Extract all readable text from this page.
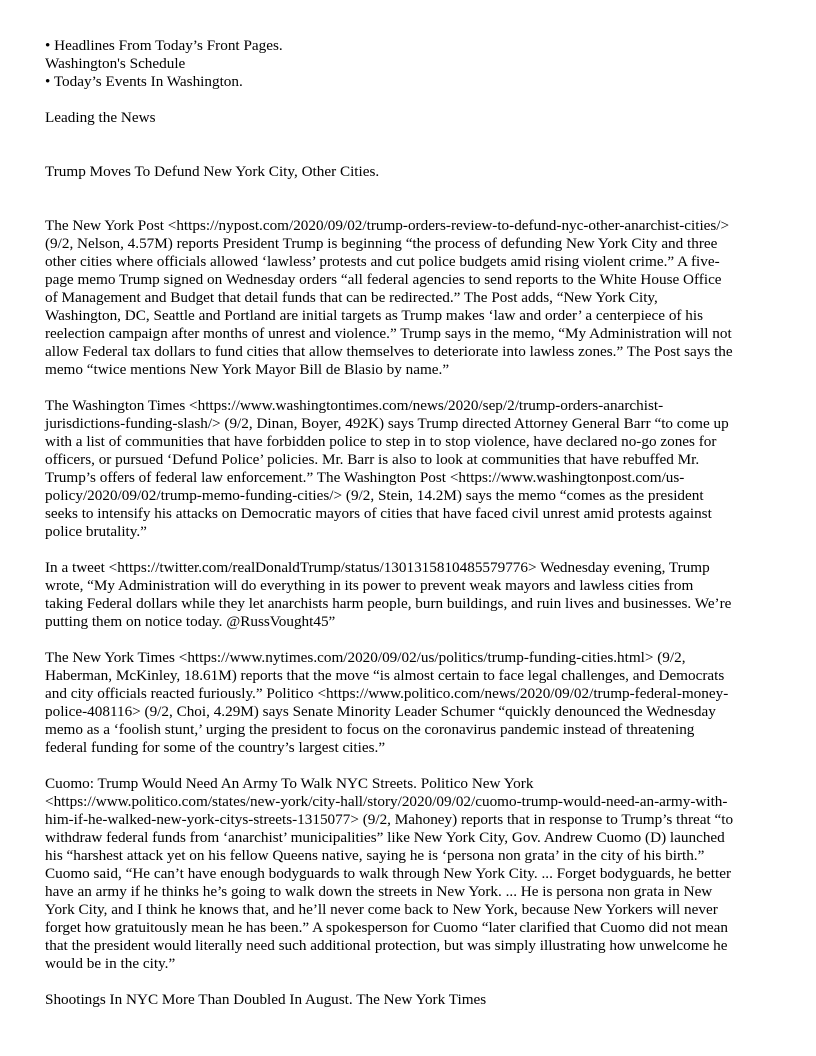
• Headlines From Today’s Front Pages.
Washington's Schedule
• Today’s Events In Washington.
Leading the News
Trump Moves To Defund New York City, Other Cities.

The New York Post <https://nypost.com/2020/09/02/trump-orders-review-to-defund-nyc-other-anarchist-cities/>
(9/2, Nelson, 4.57M) reports President Trump is beginning “the process of defunding New York City and three
other cities where officials allowed ‘lawless’ protests and cut police budgets amid rising violent crime.” A five-
page memo Trump signed on Wednesday orders “all federal agencies to send reports to the White House Office
of Management and Budget that detail funds that can be redirected.” The Post adds, “New York City,
Washington, DC, Seattle and Portland are initial targets as Trump makes ‘law and order’ a centerpiece of his
reelection campaign after months of unrest and violence.” Trump says in the memo, “My Administration will not
allow Federal tax dollars to fund cities that allow themselves to deteriorate into lawless zones.” The Post says the
memo “twice mentions New York Mayor Bill de Blasio by name.”

The Washington Times <https://www.washingtontimes.com/news/2020/sep/2/trump-orders-anarchist-
jurisdictions-funding-slash/> (9/2, Dinan, Boyer, 492K) says Trump directed Attorney General Barr “to come up
with a list of communities that have forbidden police to step in to stop violence, have declared no-go zones for
officers, or pursued ‘Defund Police’ policies. Mr. Barr is also to look at communities that have rebuffed Mr.
Trump’s offers of federal law enforcement.” The Washington Post <https://www.washingtonpost.com/us-
policy/2020/09/02/trump-memo-funding-cities/> (9/2, Stein, 14.2M) says the memo “comes as the president
seeks to intensify his attacks on Democratic mayors of cities that have faced civil unrest amid protests against
police brutality.”

In a tweet <https://twitter.com/realDonaldTrump/status/1301315810485579776> Wednesday evening, Trump
wrote, “My Administration will do everything in its power to prevent weak mayors and lawless cities from
taking Federal dollars while they let anarchists harm people, burn buildings, and ruin lives and businesses. We’re
putting them on notice today. @RussVought45”

The New York Times <https://www.nytimes.com/2020/09/02/us/politics/trump-funding-cities.html> (9/2,
Haberman, McKinley, 18.61M) reports that the move “is almost certain to face legal challenges, and Democrats
and city officials reacted furiously.” Politico <https://www.politico.com/news/2020/09/02/trump-federal-money-
police-408116> (9/2, Choi, 4.29M) says Senate Minority Leader Schumer “quickly denounced the Wednesday
memo as a ‘foolish stunt,’ urging the president to focus on the coronavirus pandemic instead of threatening
federal funding for some of the country’s largest cities.”

Cuomo: Trump Would Need An Army To Walk NYC Streets. Politico New York
<https://www.politico.com/states/new-york/city-hall/story/2020/09/02/cuomo-trump-would-need-an-army-with-
him-if-he-walked-new-york-citys-streets-1315077> (9/2, Mahoney) reports that in response to Trump’s threat “to
withdraw federal funds from ‘anarchist’ municipalities” like New York City, Gov. Andrew Cuomo (D) launched
his “harshest attack yet on his fellow Queens native, saying he is ‘persona non grata’ in the city of his birth.”
Cuomo said, “He can’t have enough bodyguards to walk through New York City. ... Forget bodyguards, he better
have an army if he thinks he’s going to walk down the streets in New York. ... He is persona non grata in New
York City, and I think he knows that, and he’ll never come back to New York, because New Yorkers will never
forget how gratuitously mean he has been.” A spokesperson for Cuomo “later clarified that Cuomo did not mean
that the president would literally need such additional protection, but was simply illustrating how unwelcome he
would be in the city.”

Shootings In NYC More Than Doubled In August. The New York Times
